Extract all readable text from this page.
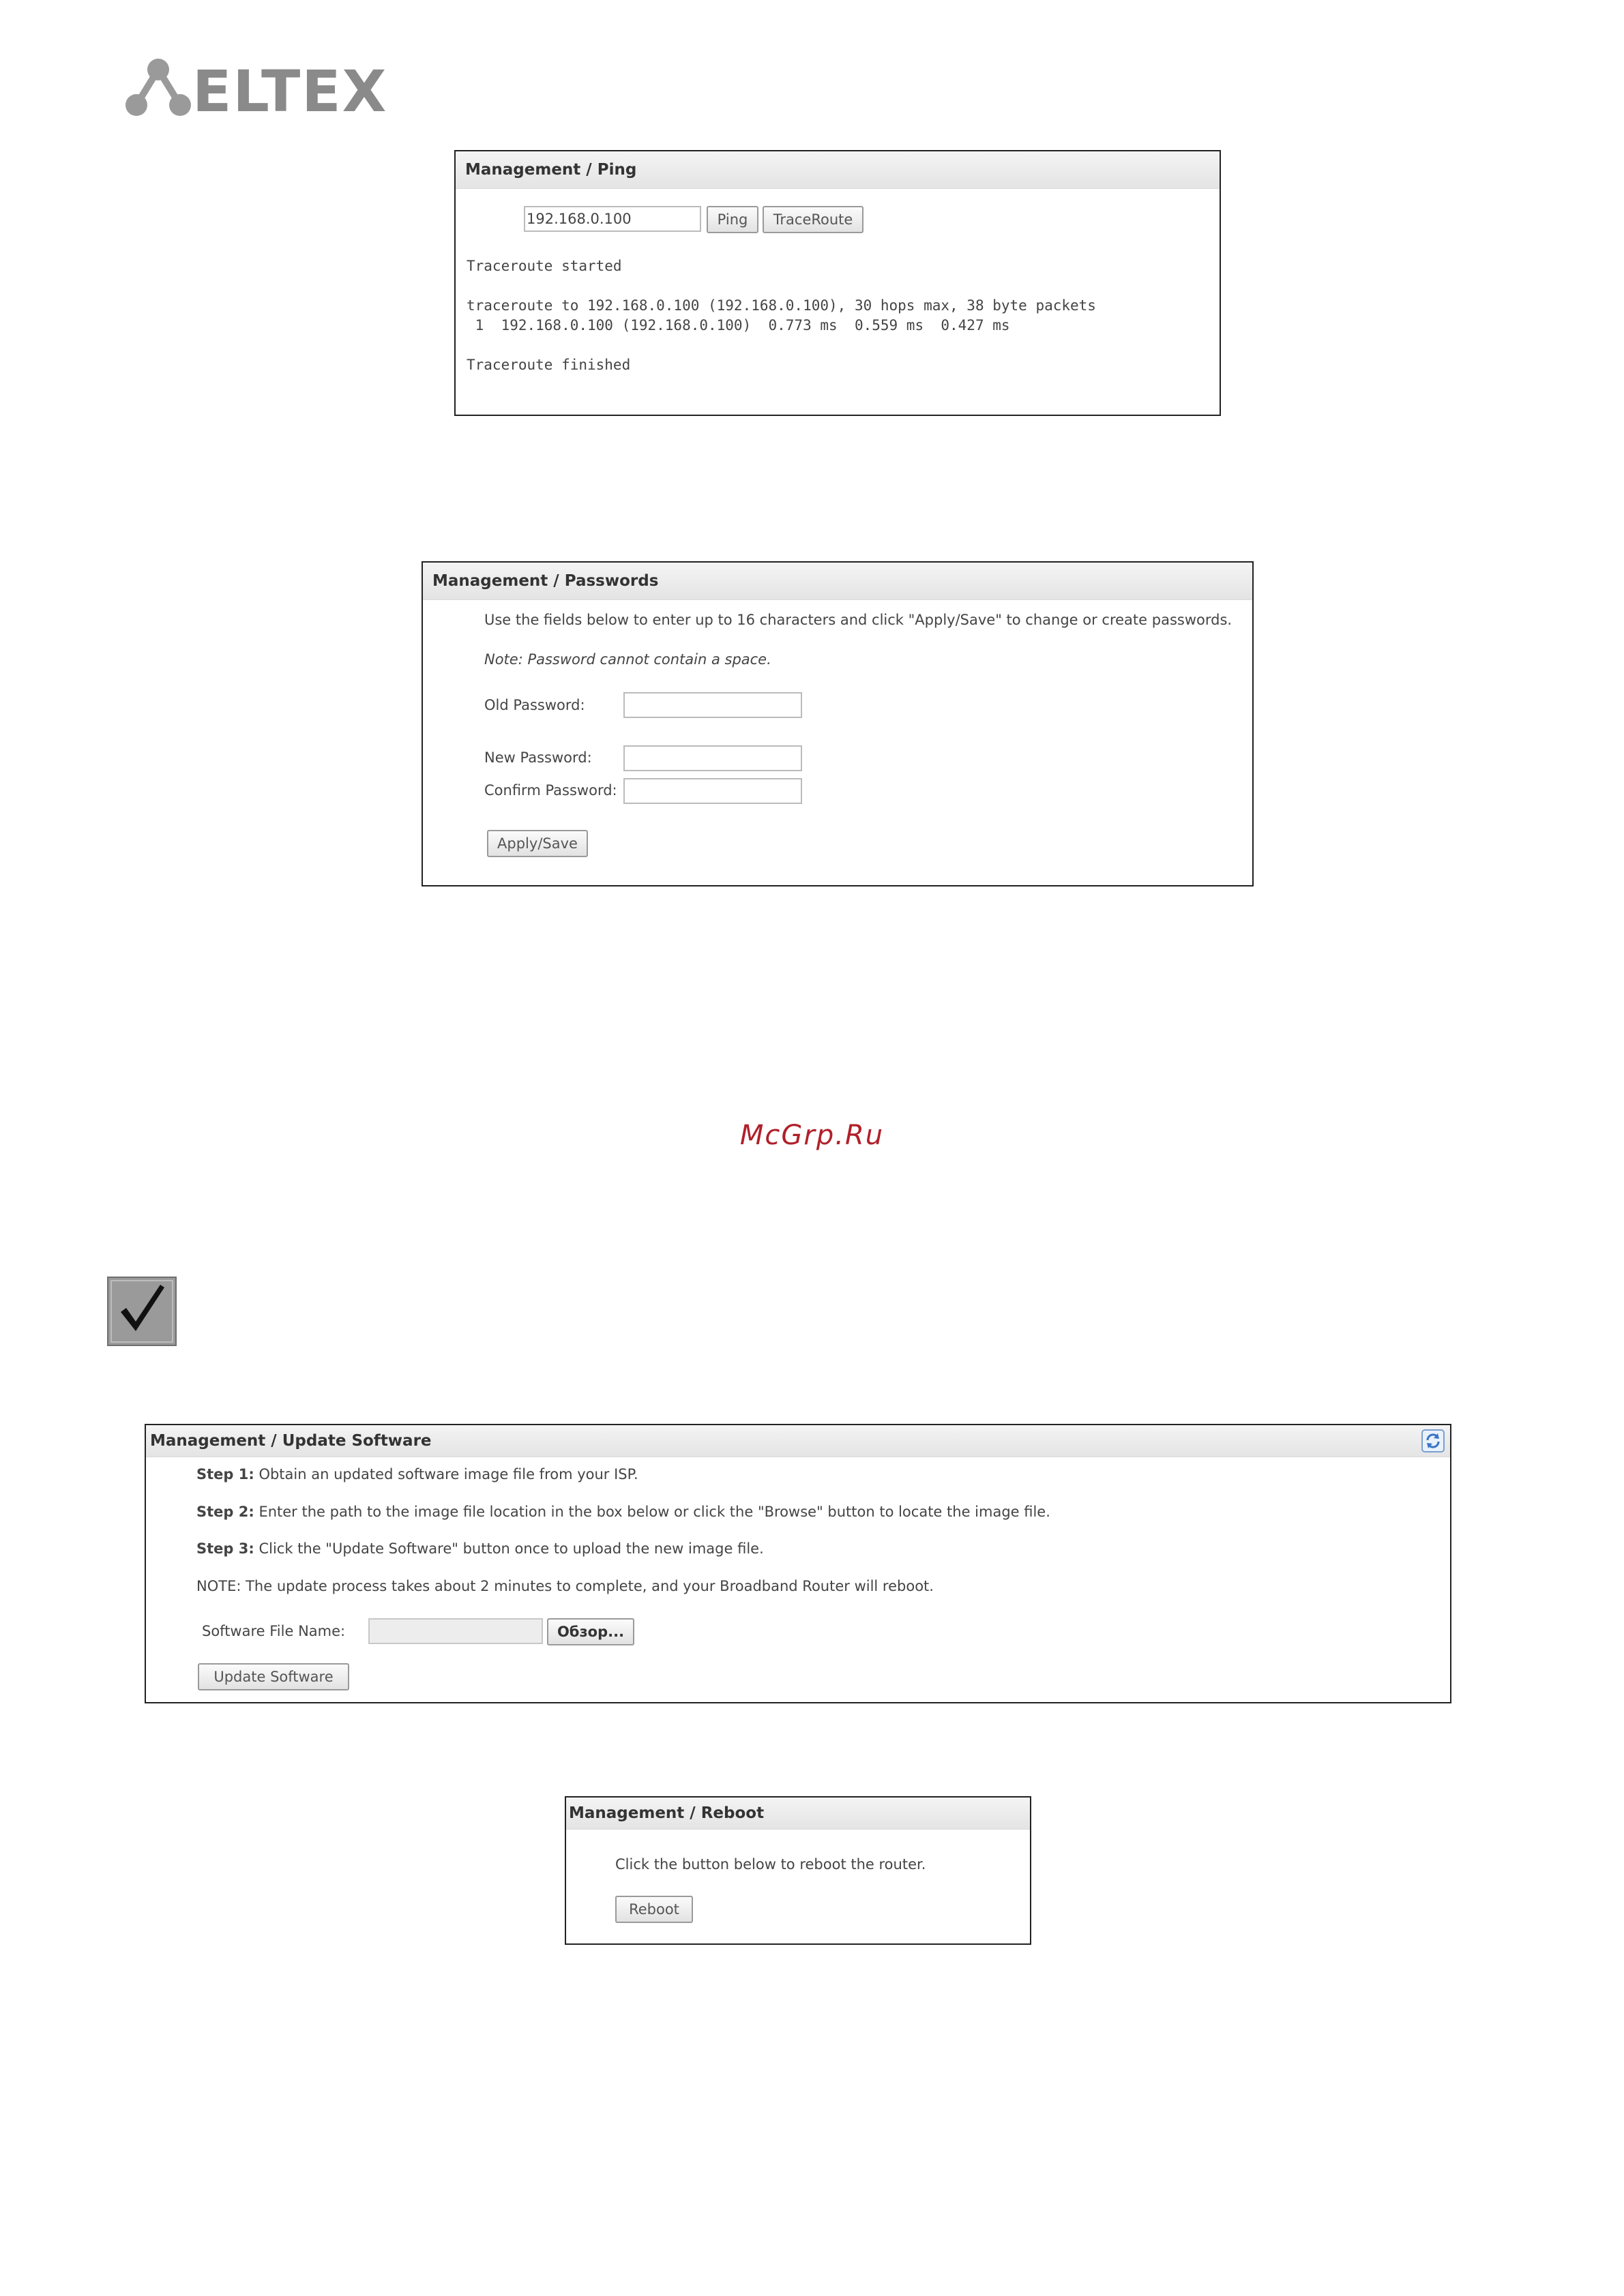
ELTEX
Management / Ping
192.168.0.100	Ping	TraceRoute
Traceroute started
traceroute to 192.168.0.100 (192.168.0.100), 30 hops max, 38 byte packets
1  192.168.0.100 (192.168.0.100)  0.773 ms  0.559 ms  0.427 ms
Traceroute finished
Management / Passwords
Use the fields below to enter up to 16 characters and click "Apply/Save" to change or create passwords.
Note: Password cannot contain a space.
Old Password:
New Password:
Confirm Password:
Apply/Save
McGrp.Ru
Management / Update Software
Step 1: Obtain an updated software image file from your ISP.
Step 2: Enter the path to the image file location in the box below or click the "Browse" button to locate the image file.
Step 3: Click the "Update Software" button once to upload the new image file.
NOTE: The update process takes about 2 minutes to complete, and your Broadband Router will reboot.
Software File Name:	Обзор...
Update Software
Management / Reboot
Click the button below to reboot the router.
Reboot
